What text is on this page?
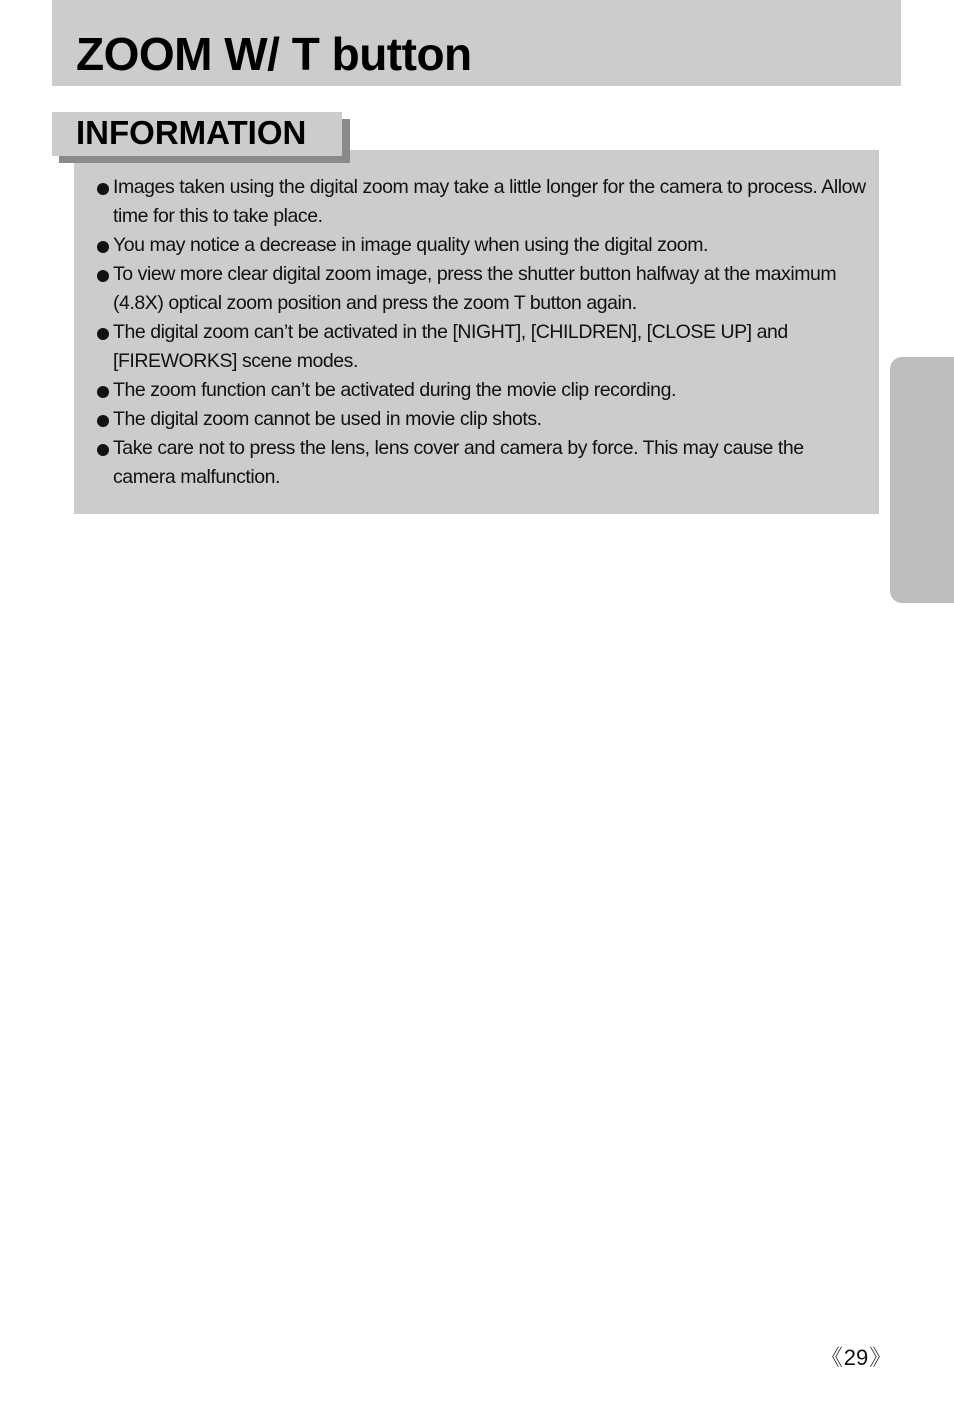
ZOOM W/ T button
INFORMATION
Images taken using the digital zoom may take a little longer for the camera to process. Allow time for this to take place.
You may notice a decrease in image quality when using the digital zoom.
To view more clear digital zoom image, press the shutter button halfway at the maximum (4.8X) optical zoom position and press the zoom T button again.
The digital zoom can’t be activated in the [NIGHT], [CHILDREN], [CLOSE UP] and [FIREWORKS] scene modes.
The zoom function can’t be activated during the movie clip recording.
The digital zoom cannot be used in movie clip shots.
Take care not to press the lens, lens cover and camera by force. This may cause the camera malfunction.
《 29 》
